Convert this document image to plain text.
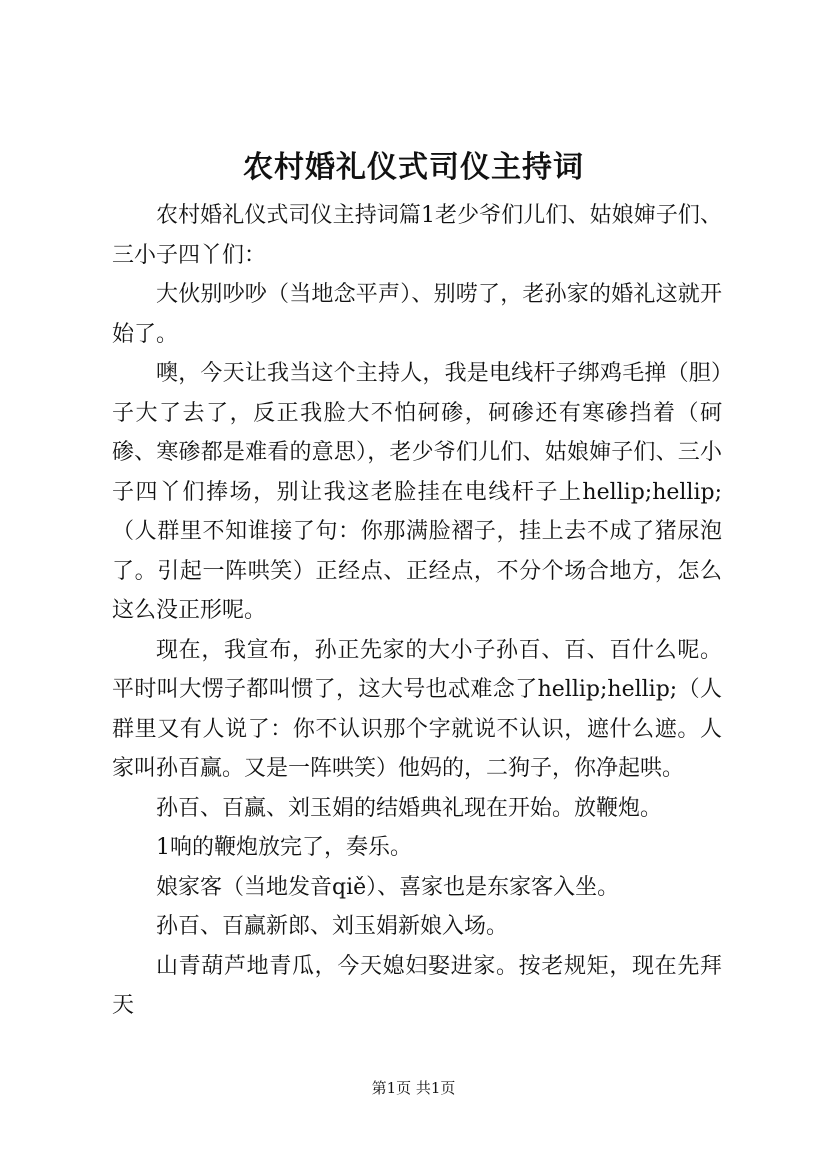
农村婚礼仪式司仪主持词

农村婚礼仪式司仪主持词篇1老少爷们儿们、姑娘婶子们、三小子四丫们：

大伙别吵吵（当地念平声）、别唠了，老孙家的婚礼这就开始了。

噢，今天让我当这个主持人，我是电线杆子绑鸡毛掸（胆）子大了去了，反正我脸大不怕砢碜，砢碜还有寒碜挡着（砢碜、寒碜都是难看的意思），老少爷们儿们、姑娘婶子们、三小子四丫们捧场，别让我这老脸挂在电线杆子上hellip;hellip;（人群里不知谁接了句：你那满脸褶子，挂上去不成了猪尿泡了。引起一阵哄笑）正经点、正经点，不分个场合地方，怎么这么没正形呢。

现在，我宣布，孙正先家的大小子孙百、百、百什么呢。平时叫大愣子都叫惯了，这大号也忒难念了hellip;hellip;（人群里又有人说了：你不认识那个字就说不认识，遮什么遮。人家叫孙百赢。又是一阵哄笑）他妈的，二狗子，你净起哄。

孙百、百赢、刘玉娟的结婚典礼现在开始。放鞭炮。

1响的鞭炮放完了，奏乐。

娘家客（当地发音qiě）、喜家也是东家客入坐。

孙百、百赢新郎、刘玉娟新娘入场。

山青葫芦地青瓜，今天媳妇娶进家。按老规矩，现在先拜天

第1页 共1页
